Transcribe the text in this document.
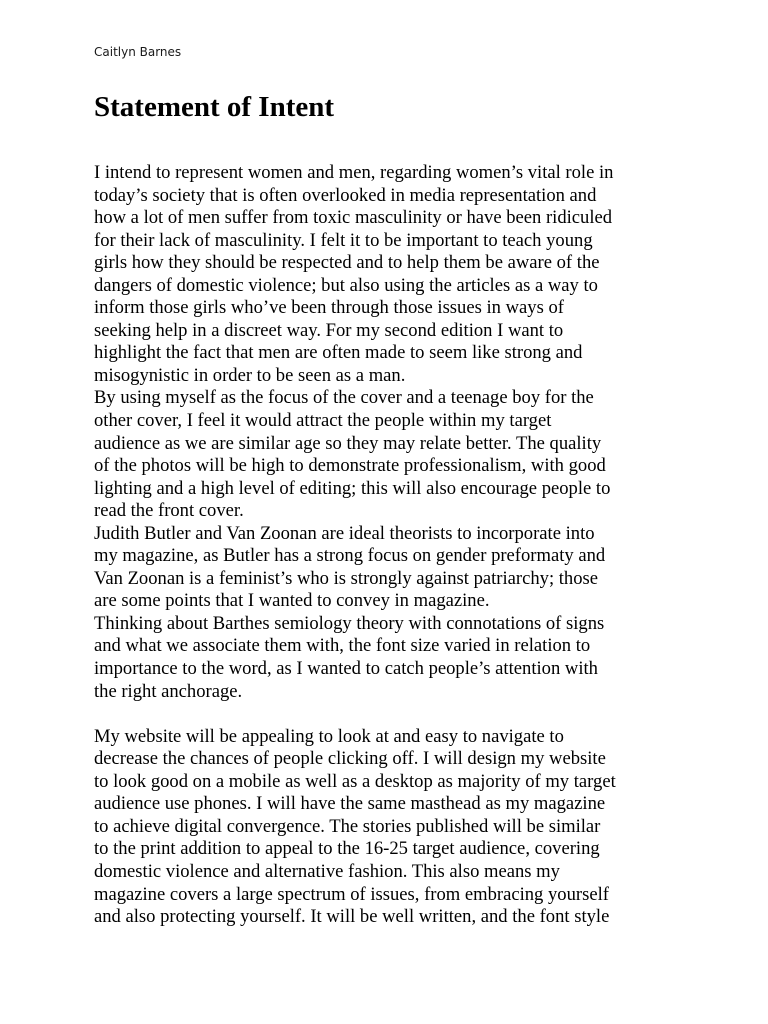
Caitlyn Barnes
Statement of Intent
I intend to represent women and men, regarding women’s vital role in
today’s society that is often overlooked in media representation and
how a lot of men suffer from toxic masculinity or have been ridiculed
for their lack of masculinity. I felt it to be important to teach young
girls how they should be respected and to help them be aware of the
dangers of domestic violence; but also using the articles as a way to
inform those girls who’ve been through those issues in ways of
seeking help in a discreet way. For my second edition I want to
highlight the fact that men are often made to seem like strong and
misogynistic in order to be seen as a man.
By using myself as the focus of the cover and a teenage boy for the
other cover, I feel it would attract the people within my target
audience as we are similar age so they may relate better. The quality
of the photos will be high to demonstrate professionalism, with good
lighting and a high level of editing; this will also encourage people to
read the front cover.
Judith Butler and Van Zoonan are ideal theorists to incorporate into
my magazine, as Butler has a strong focus on gender preformaty and
Van Zoonan is a feminist’s who is strongly against patriarchy; those
are some points that I wanted to convey in magazine.
Thinking about Barthes semiology theory with connotations of signs
and what we associate them with, the font size varied in relation to
importance to the word, as I wanted to catch people’s attention with
the right anchorage.
My website will be appealing to look at and easy to navigate to
decrease the chances of people clicking off. I will design my website
to look good on a mobile as well as a desktop as majority of my target
audience use phones. I will have the same masthead as my magazine
to achieve digital convergence. The stories published will be similar
to the print addition to appeal to the 16-25 target audience, covering
domestic violence and alternative fashion. This also means my
magazine covers a large spectrum of issues, from embracing yourself
and also protecting yourself. It will be well written, and the font style
